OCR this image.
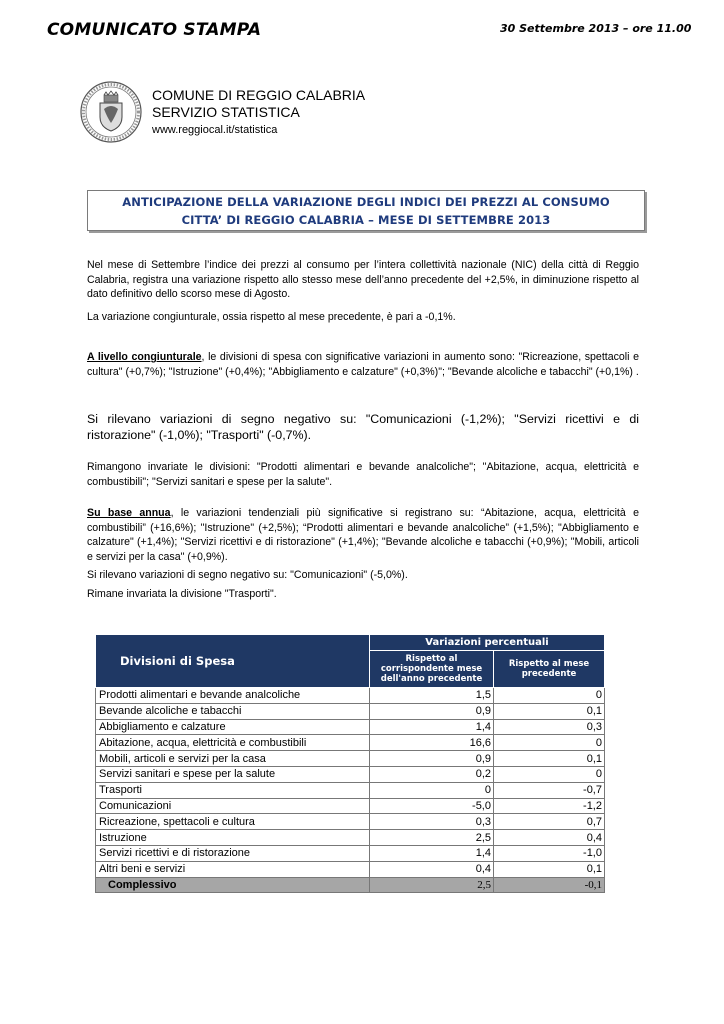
COMUNICATO STAMPA	30 Settembre 2013 – ore 11.00
COMUNE DI REGGIO CALABRIA
SERVIZIO STATISTICA
www.reggiocal.it/statistica
ANTICIPAZIONE DELLA VARIAZIONE DEGLI INDICI DEI PREZZI AL CONSUMO
CITTA’ DI REGGIO CALABRIA – MESE DI SETTEMBRE 2013
Nel mese di Settembre l’indice dei prezzi al consumo per l’intera collettività nazionale (NIC) della città di Reggio Calabria, registra una variazione rispetto allo stesso mese dell’anno precedente del +2,5%, in diminuzione rispetto al dato definitivo dello scorso mese di Agosto.
La variazione congiunturale, ossia rispetto al mese precedente, è pari a -0,1%.
A livello congiunturale, le divisioni di spesa con significative variazioni in aumento sono: "Ricreazione, spettacoli e cultura" (+0,7%); "Istruzione" (+0,4%); "Abbigliamento e calzature" (+0,3%)"; "Bevande alcoliche e tabacchi" (+0,1%) .
Si rilevano variazioni di segno negativo su: "Comunicazioni (-1,2%); "Servizi ricettivi e di ristorazione" (-1,0%); "Trasporti" (-0,7%).
Rimangono invariate le divisioni: "Prodotti alimentari e bevande analcoliche"; "Abitazione, acqua, elettricità e combustibili"; "Servizi sanitari e spese per la salute".
Su base annua, le variazioni tendenziali più significative si registrano su: “Abitazione, acqua, elettricità e combustibili” (+16,6%); "Istruzione" (+2,5%); “Prodotti alimentari e bevande analcoliche” (+1,5%); "Abbigliamento e calzature" (+1,4%); "Servizi ricettivi e di ristorazione" (+1,4%); "Bevande alcoliche e tabacchi (+0,9%); "Mobili, articoli e servizi per la casa" (+0,9%).
Si rilevano variazioni di segno negativo su: "Comunicazioni" (-5,0%).
Rimane invariata la divisione "Trasporti".
Divisioni di Spesa	Variazioni percentuali	
	Rispetto al corrispondente mese dell'anno precedente	Rispetto al mese precedente
Prodotti alimentari e bevande analcoliche	1,5	0
Bevande alcoliche e tabacchi	0,9	0,1
Abbigliamento e calzature	1,4	0,3
Abitazione, acqua, elettricità e combustibili	16,6	0
Mobili, articoli e servizi per la casa	0,9	0,1
Servizi sanitari e spese per la salute	0,2	0
Trasporti	0	-0,7
Comunicazioni	-5,0	-1,2
Ricreazione, spettacoli e cultura	0,3	0,7
Istruzione	2,5	0,4
Servizi ricettivi e di ristorazione	1,4	-1,0
Altri beni e servizi	0,4	0,1
Complessivo	2,5	-0,1
